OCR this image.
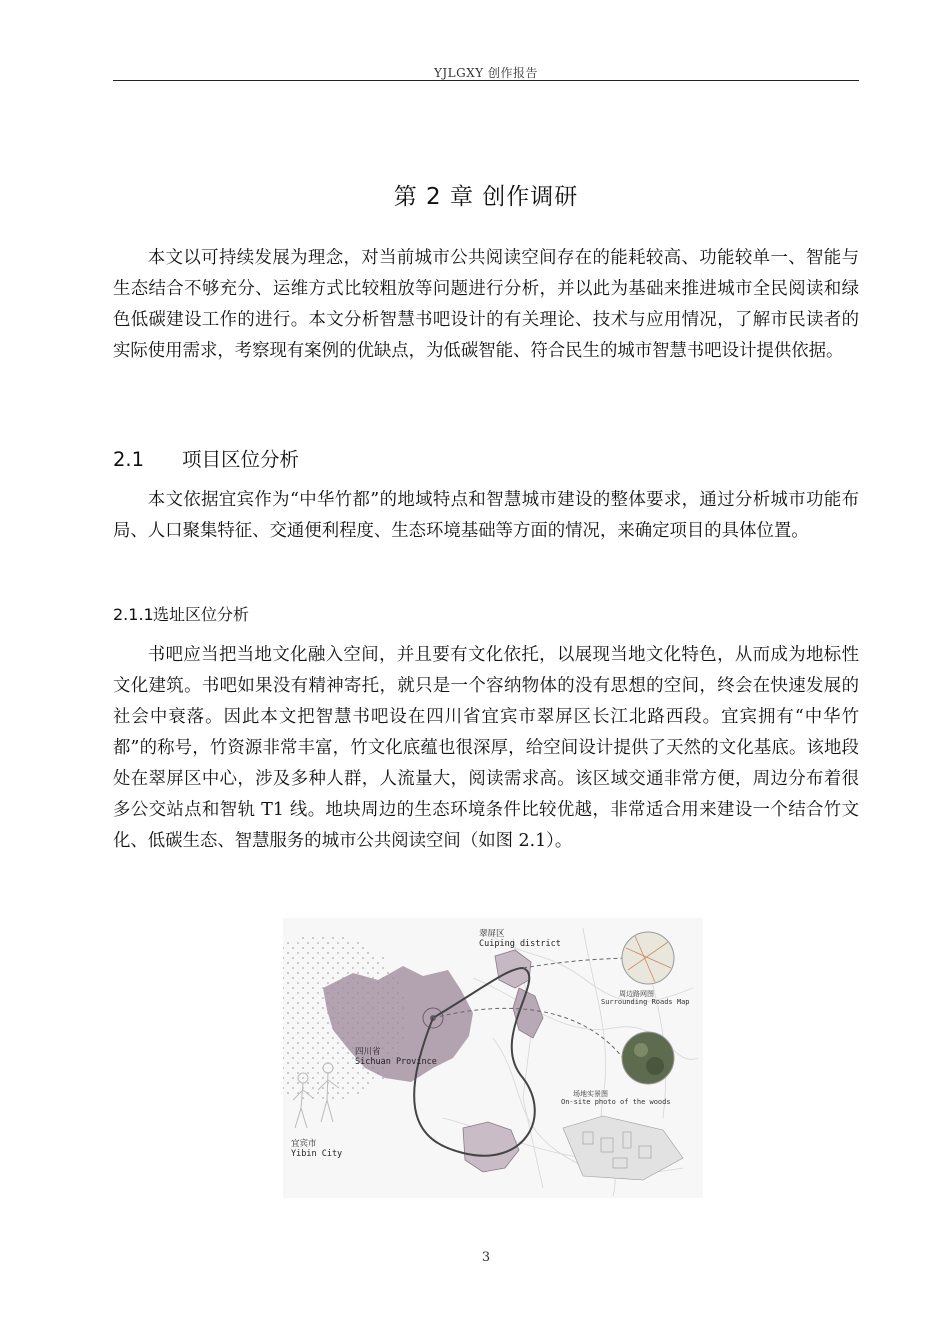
YJLGXY 创作报告
第 2 章 创作调研

本文以可持续发展为理念，对当前城市公共阅读空间存在的能耗较高、功能较单一、智能与生态结合不够充分、运维方式比较粗放等问题进行分析，并以此为基础来推进城市全民阅读和绿色低碳建设工作的进行。本文分析智慧书吧设计的有关理论、技术与应用情况，了解市民读者的实际使用需求，考察现有案例的优缺点，为低碳智能、符合民生的城市智慧书吧设计提供依据。

2.1 项目区位分析

本文依据宜宾作为“中华竹都”的地域特点和智慧城市建设的整体要求，通过分析城市功能布局、人口聚集特征、交通便利程度、生态环境基础等方面的情况，来确定项目的具体位置。

2.1.1选址区位分析

书吧应当把当地文化融入空间，并且要有文化依托，以展现当地文化特色，从而成为地标性文化建筑。书吧如果没有精神寄托，就只是一个容纳物体的没有思想的空间，终会在快速发展的社会中衰落。因此本文把智慧书吧设在四川省宜宾市翠屏区长江北路西段。宜宾拥有“中华竹都”的称号，竹资源非常丰富，竹文化底蕴也很深厚，给空间设计提供了天然的文化基底。该地段处在翠屏区中心，涉及多种人群，人流量大，阅读需求高。该区域交通非常方便，周边分布着很多公交站点和智轨 T1 线。地块周边的生态环境条件比较优越，非常适合用来建设一个结合竹文化、低碳生态、智慧服务的城市公共阅读空间（如图 2.1）。

翠屏区
Cuiping district
四川省
Sichuan Province
宜宾市
Yibin City
周边路网图
Surrounding Roads Map
场地实景图
On-site photo of the woods
3
